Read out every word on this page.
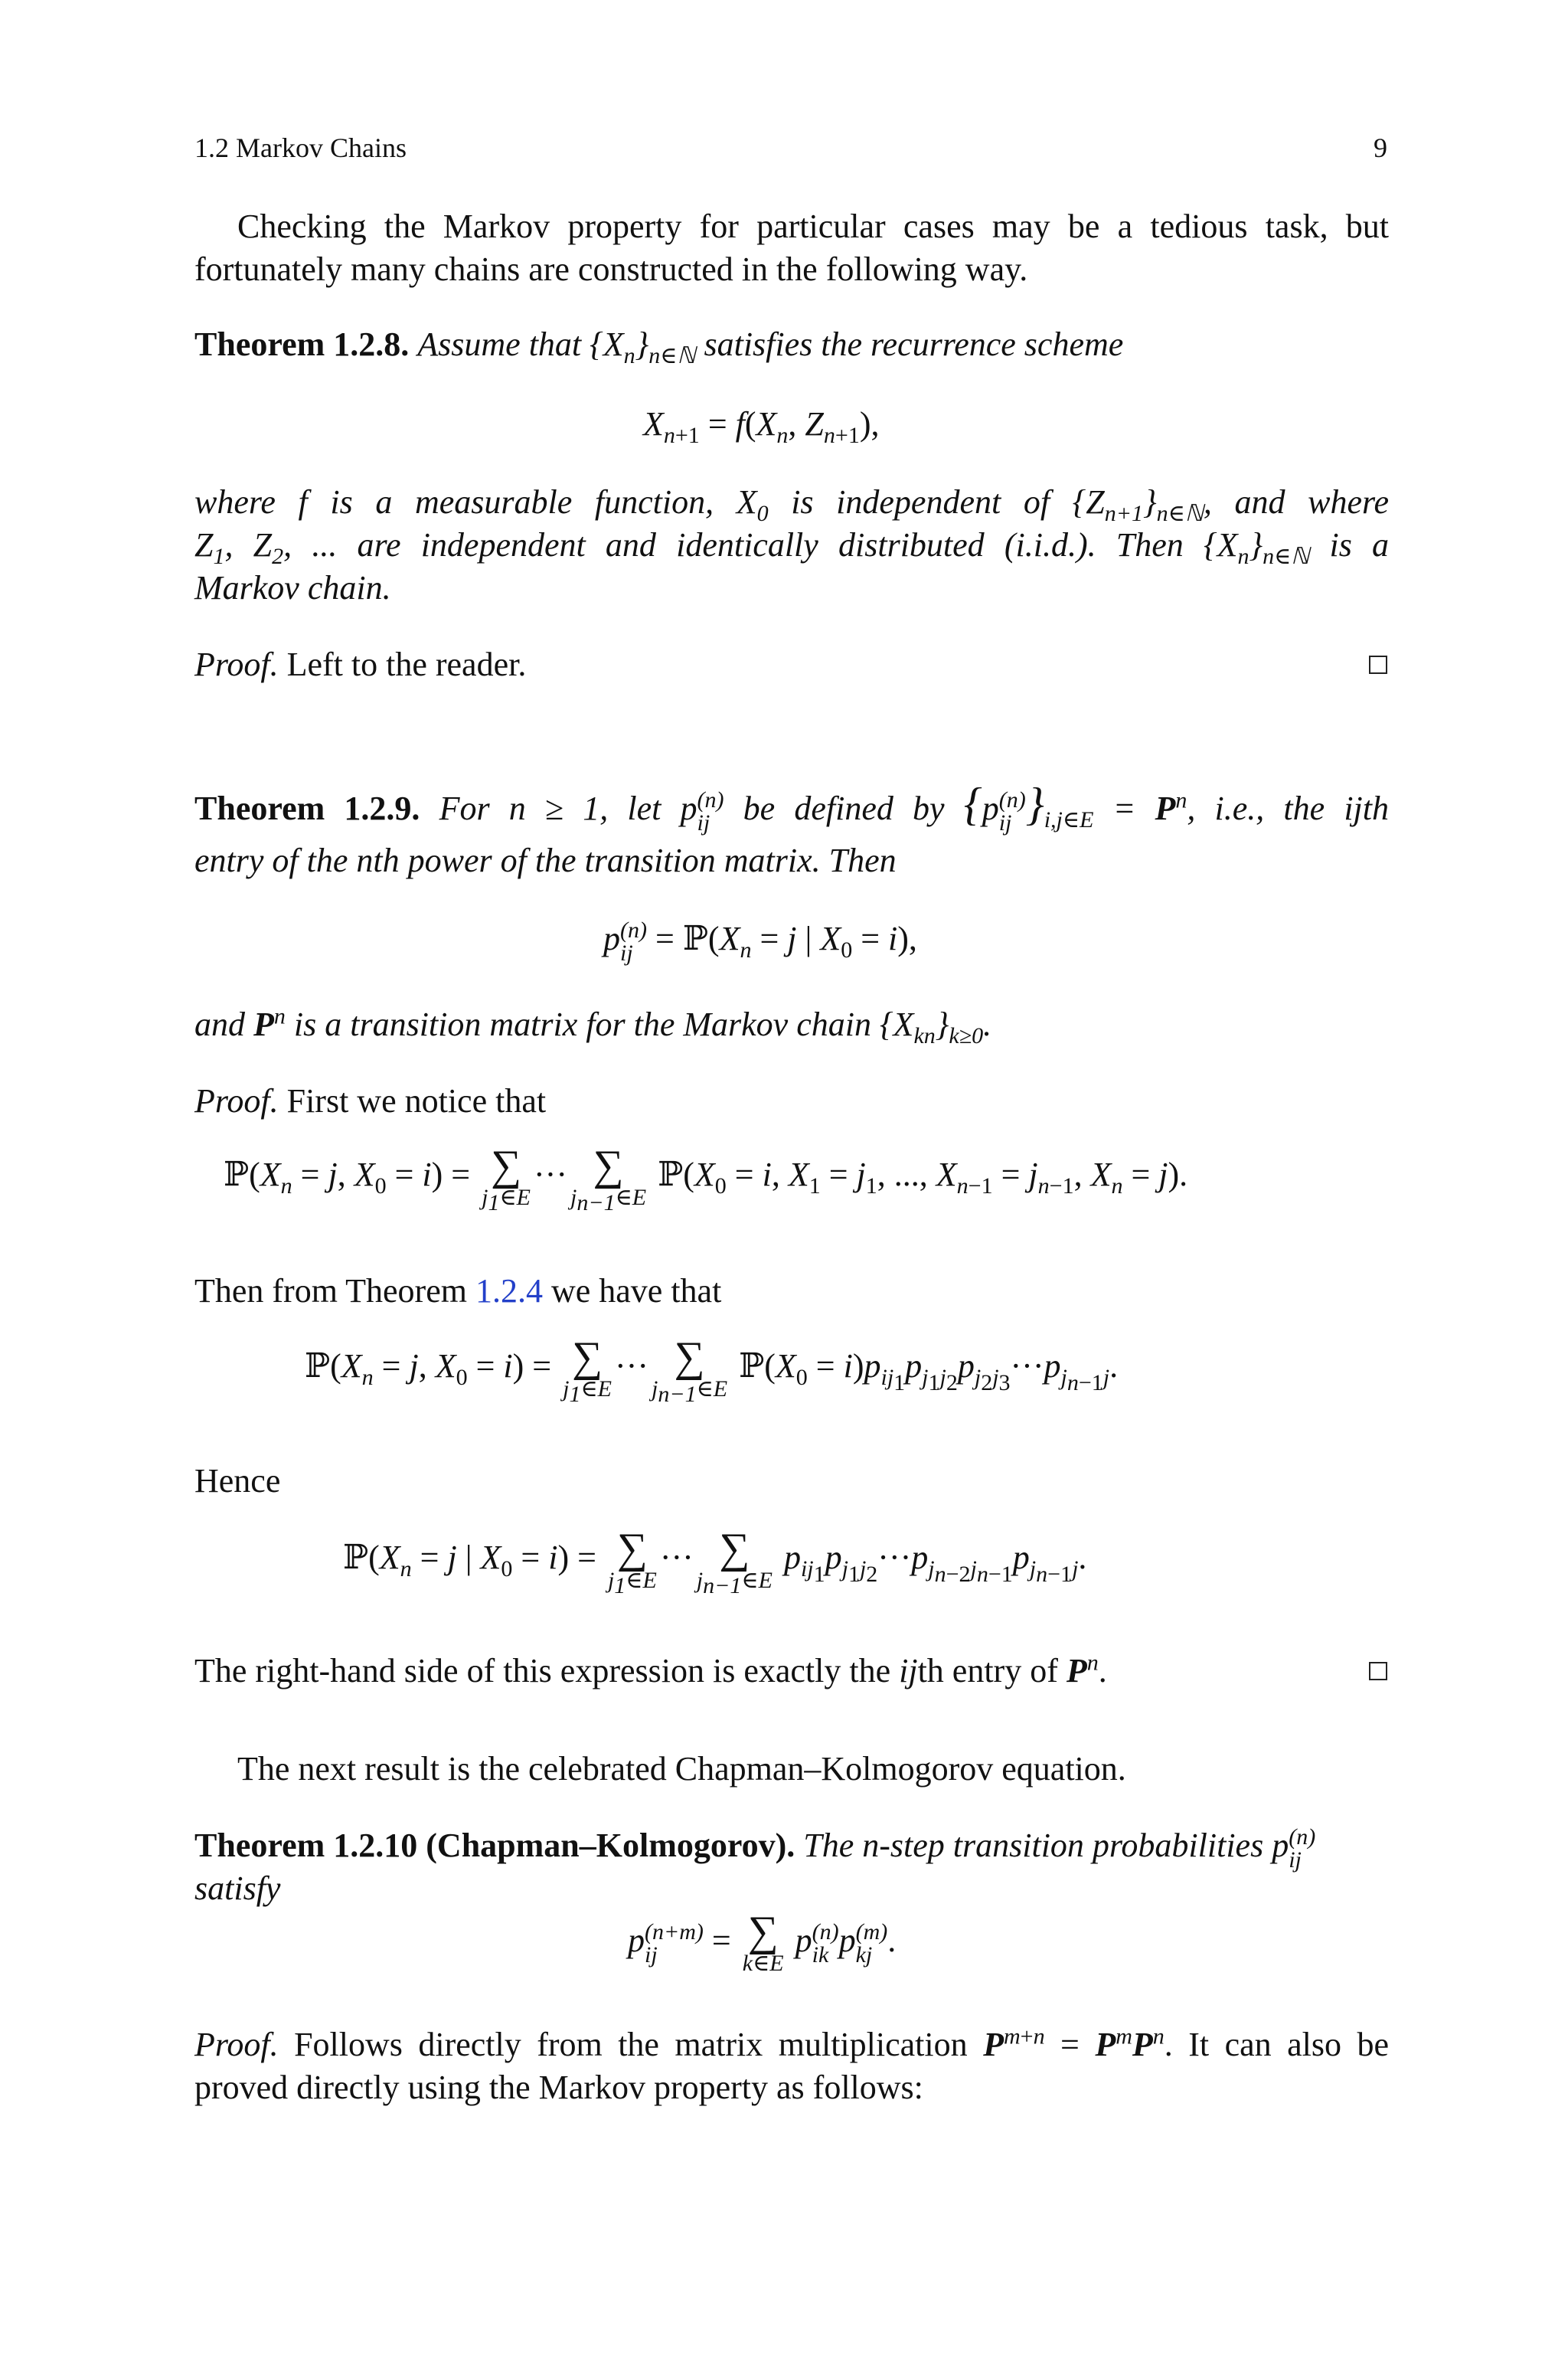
1.2 Markov Chains	9
Checking the Markov property for particular cases may be a tedious task, but
fortunately many chains are constructed in the following way.
Theorem 1.2.8. Assume that $\{X_n\}_{n\in ℕ}$ satisfies the recurrence scheme
$X_{n+1} = f(X_n$, $Z_{n+1}$),
where f is a measurable function, $X_0$ is independent of $\{Z_{n+1}\}_{n\in ℕ}$, and where
$Z_1$, $Z_2$, ... are independent and identically distributed (i.i.d.). Then $\{X_n\}_{n\in ℕ}$ is a
Markov chain.
Proof. Left to the reader.
Theorem 1.2.9. For n ≥ 1, let p(n)
ij be defined by {p(n)
ij }$_{i,j\in E} = P^n$, i.e., the ijth
entry of the nth power of the transition matrix. Then
p(n)
ij = $ℙ(X_n = j$ | $X_0 = i$),
and $P^n$ is a transition matrix for the Markov chain $\{X_{kn}\}_{k\ge 0}$.
Proof. First we notice that
$ℙ(X_n = j$, $X_0 = i$) = ∑
$j_1\in E$
··· ∑
$j_{n-1}\in E$
$ℙ(X_0 = i$, $X_1 = j_1$, ..., $X_{n-1} = j_{n-1}$, $X_n = j$).
Then from Theorem 1.2.4 we have that
$ℙ(X_n = j$, $X_0 = i$) = ∑
$j_1\in E$
··· ∑
$j_{n-1}\in E$
$ℙ(X_0 = i)p_{ij_1}p_{j_1j_2}p_{j_2j_3}\cdot\cdot\cdot p_{j_{n-1}j}$.
Hence
$ℙ(X_n = j$ | $X_0 = i$) = ∑
$j_1\in E$
··· ∑
$j_{n-1}\in E$
$p_{ij_1}p_{j_1j_2}\cdot\cdot\cdot p_{j_{n-2}j_{n-1}}p_{j_{n-1}j}$.
The right-hand side of this expression is exactly the ijth entry of $P^n$.
The next result is the celebrated Chapman–Kolmogorov equation.
Theorem 1.2.10 (Chapman–Kolmogorov). The n-step transition probabilities p(n)
ij
satisfy
p(n+m)
ij = ∑
k∈E
p(n)
ik p(m)
kj .
Proof. Follows directly from the matrix multiplication $P^{m+n} = P^mP^n$. It can also be
proved directly using the Markov property as follows:
